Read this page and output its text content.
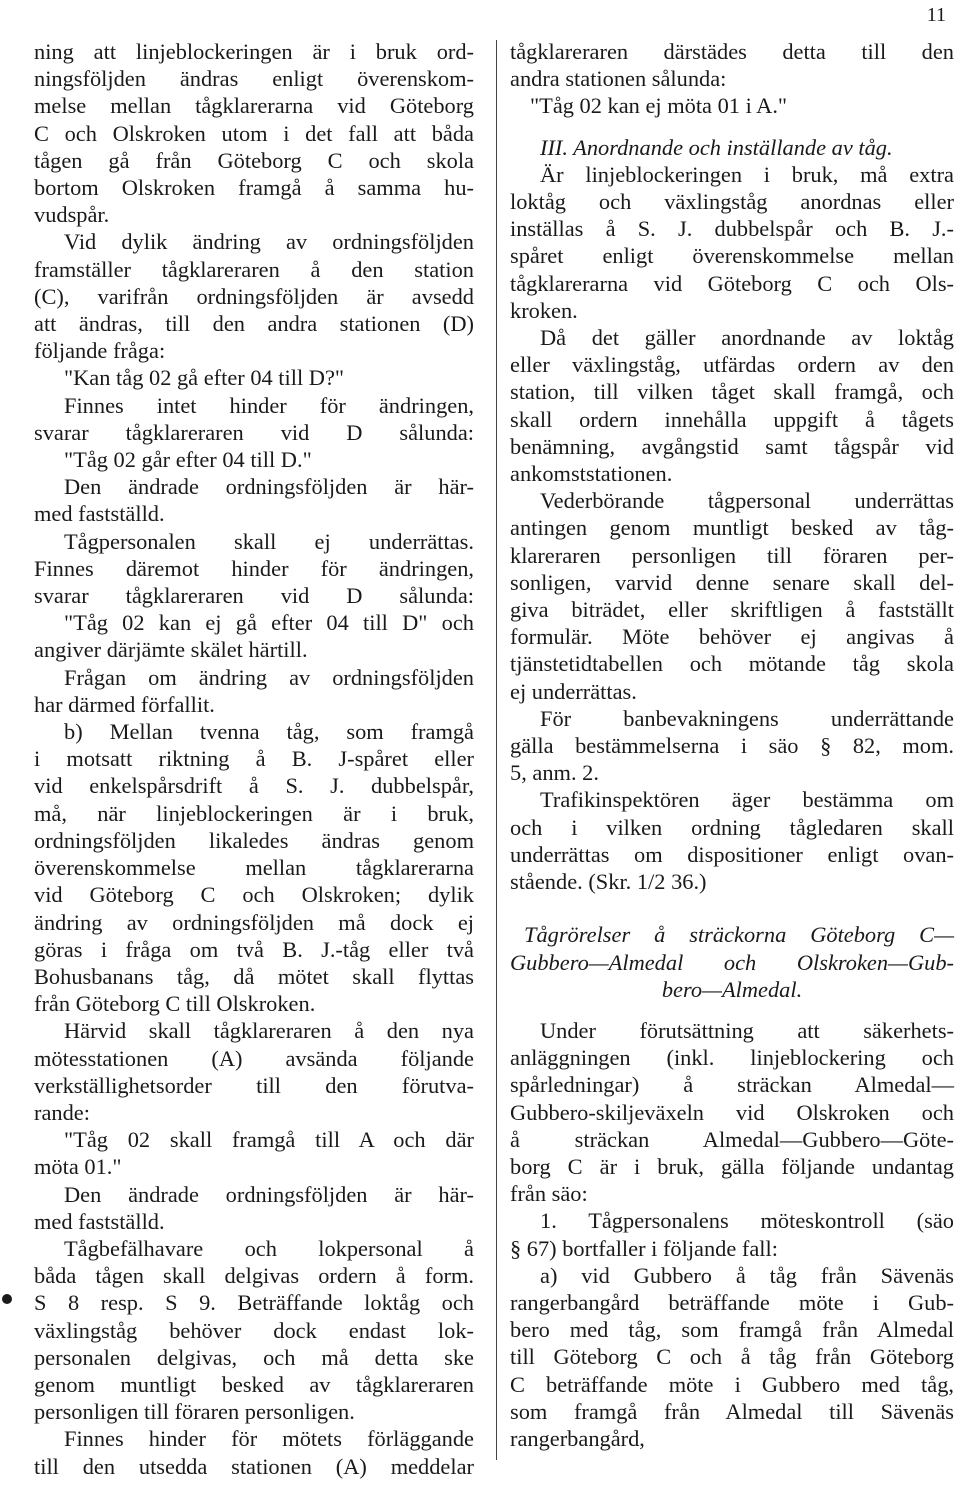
11
ning att linjeblockeringen är i bruk ord-
ningsföljden ändras enligt överenskom-
melse mellan tågklarerarna vid Göteborg
C och Olskroken utom i det fall att båda
tågen gå från Göteborg C och skola
bortom Olskroken framgå å samma hu-
vudspår.
Vid dylik ändring av ordningsföljden
framställer tågklareraren å den station
(C), varifrån ordningsföljden är avsedd
att ändras, till den andra stationen (D)
följande fråga:
"Kan tåg 02 gå efter 04 till D?"
Finnes intet hinder för ändringen,
svarar tågklareraren vid D sålunda:
"Tåg 02 går efter 04 till D."
Den ändrade ordningsföljden är här-
med fastställd.
Tågpersonalen skall ej underrättas.
Finnes däremot hinder för ändringen,
svarar tågklareraren vid D sålunda:
"Tåg 02 kan ej gå efter 04 till D" och
angiver därjämte skälet härtill.
Frågan om ändring av ordningsföljden
har därmed förfallit.
b) Mellan tvenna tåg, som framgå
i motsatt riktning å B. J-spåret eller
vid enkelspårsdrift å S. J. dubbelspår,
må, när linjeblockeringen är i bruk,
ordningsföljden likaledes ändras genom
överenskommelse mellan tågklarerarna
vid Göteborg C och Olskroken; dylik
ändring av ordningsföljden må dock ej
göras i fråga om två B. J.-tåg eller två
Bohusbanans tåg, då mötet skall flyttas
från Göteborg C till Olskroken.
Härvid skall tågklareraren å den nya
mötesstationen (A) avsända följande
verkställighetsorder till den förutva-
rande:
"Tåg 02 skall framgå till A och där
möta 01."
Den ändrade ordningsföljden är här-
med fastställd.
Tågbefälhavare och lokpersonal å
båda tågen skall delgivas ordern å form.
S 8 resp. S 9. Beträffande loktåg och
växlingståg behöver dock endast lok-
personalen delgivas, och må detta ske
genom muntligt besked av tågklareraren
personligen till föraren personligen.
Finnes hinder för mötets förläggande
till den utsedda stationen (A) meddelar
tågklareraren därstädes detta till den
andra stationen sålunda:
"Tåg 02 kan ej möta 01 i A."
III. Anordnande och inställande av tåg.
Är linjeblockeringen i bruk, må extra
loktåg och växlingståg anordnas eller
inställas å S. J. dubbelspår och B. J.-
spåret enligt överenskommelse mellan
tågklarerarna vid Göteborg C och Ols-
kroken.
Då det gäller anordnande av loktåg
eller växlingståg, utfärdas ordern av den
station, till vilken tåget skall framgå, och
skall ordern innehålla uppgift å tågets
benämning, avgångstid samt tågspår vid
ankomststationen.
Vederbörande tågpersonal underrättas
antingen genom muntligt besked av tåg-
klareraren personligen till föraren per-
sonligen, varvid denne senare skall del-
giva biträdet, eller skriftligen å fastställt
formulär. Möte behöver ej angivas å
tjänstetidtabellen och mötande tåg skola
ej underrättas.
För banbevakningens underrättande
gälla bestämmelserna i säo § 82, mom.
5, anm. 2.
Trafikinspektören äger bestämma om
och i vilken ordning tågledaren skall
underrättas om dispositioner enligt ovan-
stående. (Skr. 1/2 36.)
Tågrörelser å sträckorna Göteborg C—
Gubbero—Almedal och Olskroken—Gub-
bero—Almedal.
Under förutsättning att säkerhets-
anläggningen (inkl. linjeblockering och
spårledningar) å sträckan Almedal—
Gubbero-skiljeväxeln vid Olskroken och
å sträckan Almedal—Gubbero—Göte-
borg C är i bruk, gälla följande undantag
från säo:
1. Tågpersonalens möteskontroll (säo
§ 67) bortfaller i följande fall:
a) vid Gubbero å tåg från Sävenäs
rangerbangård beträffande möte i Gub-
bero med tåg, som framgå från Almedal
till Göteborg C och å tåg från Göteborg
C beträffande möte i Gubbero med tåg,
som framgå från Almedal till Sävenäs
rangerbangård,
